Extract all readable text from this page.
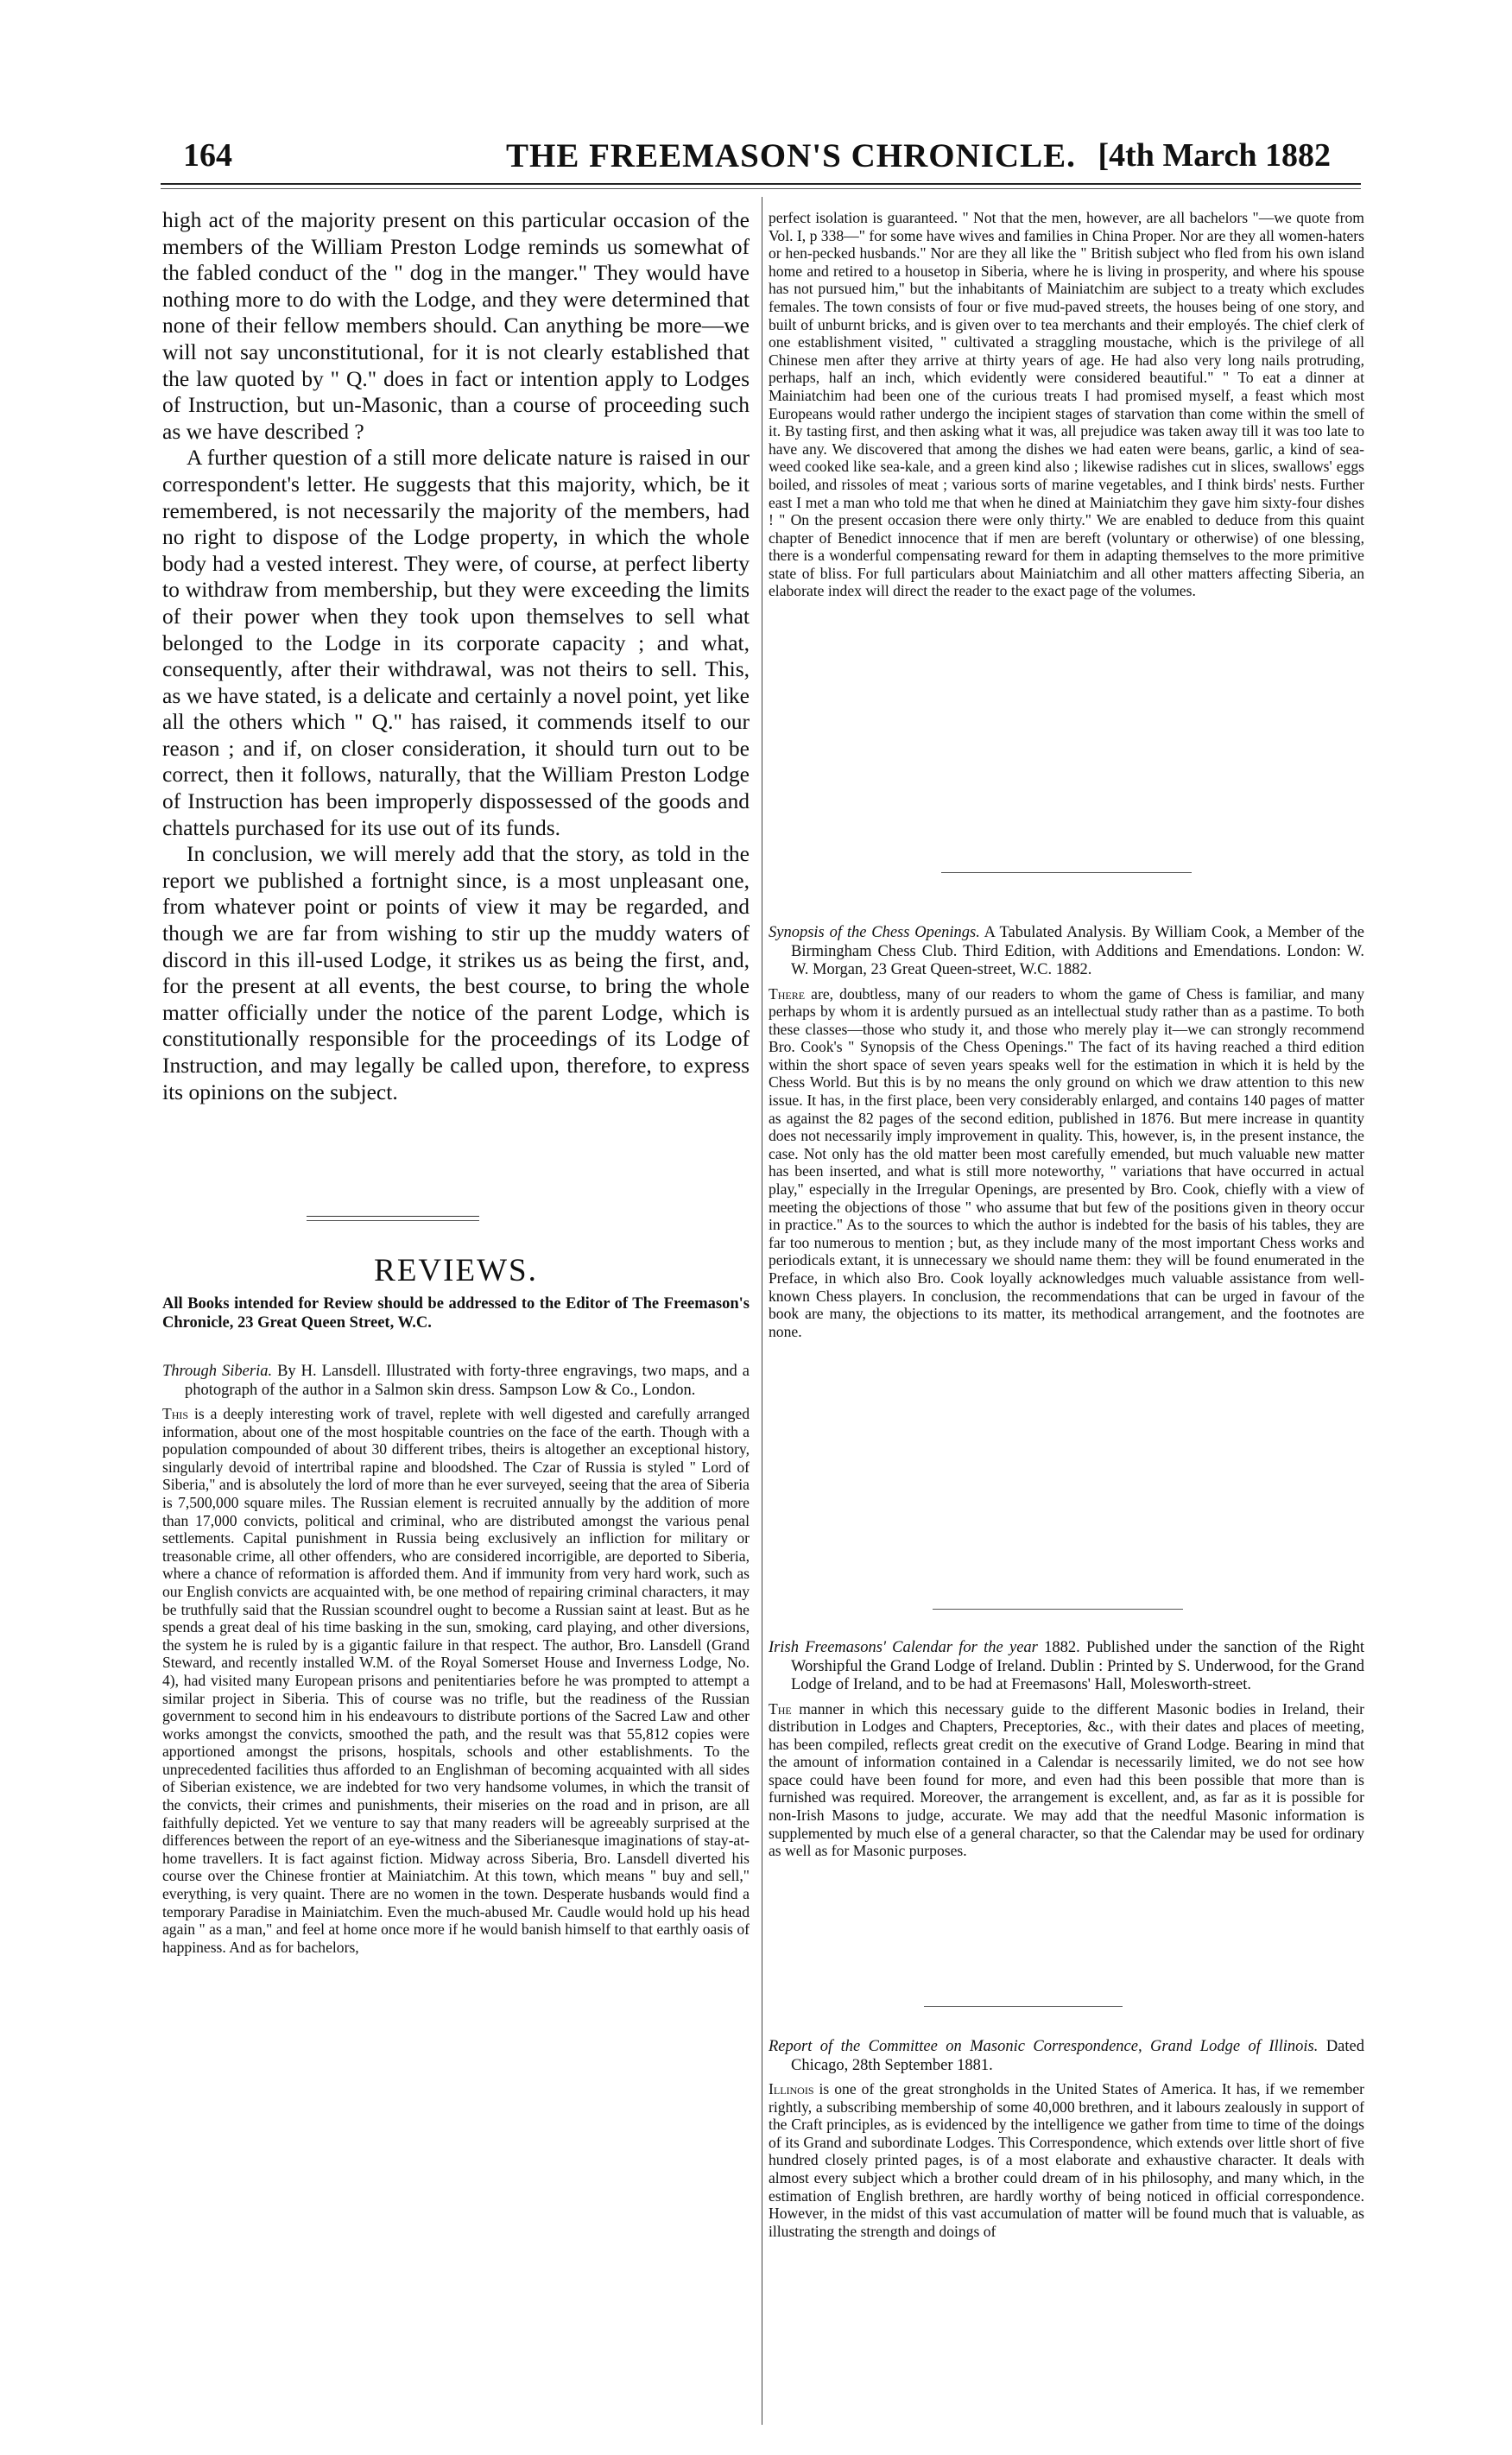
164	THE FREEMASON'S CHRONICLE. [4th March 1882

high act of the majority present on this particular occasion of the members of the William Preston Lodge reminds us somewhat of the fabled conduct of the " dog in the manger." They would have nothing more to do with the Lodge, and they were determined that none of their fellow members should. Can anything be more—we will not say unconstitutional, for it is not clearly established that the law quoted by " Q." does in fact or intention apply to Lodges of Instruction, but un-Masonic, than a course of proceeding such as we have described ?

A further question of a still more delicate nature is raised in our correspondent's letter. He suggests that this majority, which, be it remembered, is not necessarily the majority of the members, had no right to dispose of the Lodge property, in which the whole body had a vested interest. They were, of course, at perfect liberty to withdraw from membership, but they were exceeding the limits of their power when they took upon themselves to sell what belonged to the Lodge in its corporate capacity ; and what, consequently, after their withdrawal, was not theirs to sell. This, as we have stated, is a delicate and certainly a novel point, yet like all the others which " Q." has raised, it commends itself to our reason ; and if, on closer consideration, it should turn out to be correct, then it follows, naturally, that the William Preston Lodge of Instruction has been improperly dispossessed of the goods and chattels purchased for its use out of its funds.

In conclusion, we will merely add that the story, as told in the report we published a fortnight since, is a most unpleasant one, from whatever point or points of view it may be regarded, and though we are far from wishing to stir up the muddy waters of discord in this ill-used Lodge, it strikes us as being the first, and, for the present at all events, the best course, to bring the whole matter officially under the notice of the parent Lodge, which is constitutionally responsible for the proceedings of its Lodge of Instruction, and may legally be called upon, therefore, to express its opinions on the subject.

REVIEWS.
All Books intended for Review should be addressed to the Editor of The Freemason's Chronicle, 23 Great Queen Street, W.C.

Through Siberia. By H. Lansdell. Illustrated with forty-three engravings, two maps, and a photograph of the author in a Salmon skin dress. Sampson Low & Co., London.

This is a deeply interesting work of travel, replete with well digested and carefully arranged information, about one of the most hospitable countries on the face of the earth. Though with a population compounded of about 30 different tribes, theirs is altogether an exceptional history, singularly devoid of intertribal rapine and bloodshed. The Czar of Russia is styled " Lord of Siberia," and is absolutely the lord of more than he ever surveyed, seeing that the area of Siberia is 7,500,000 square miles. The Russian element is recruited annually by the addition of more than 17,000 convicts, political and criminal, who are distributed amongst the various penal settlements. Capital punishment in Russia being exclusively an infliction for military or treasonable crime, all other offenders, who are considered incorrigible, are deported to Siberia, where a chance of reformation is afforded them. And if immunity from very hard work, such as our English convicts are acquainted with, be one method of repairing criminal characters, it may be truthfully said that the Russian scoundrel ought to become a Russian saint at least. But as he spends a great deal of his time basking in the sun, smoking, card playing, and other diversions, the system he is ruled by is a gigantic failure in that respect. The author, Bro. Lansdell (Grand Steward, and recently installed W.M. of the Royal Somerset House and Inverness Lodge, No. 4), had visited many European prisons and penitentiaries before he was prompted to attempt a similar project in Siberia. This of course was no trifle, but the readiness of the Russian government to second him in his endeavours to distribute portions of the Sacred Law and other works amongst the convicts, smoothed the path, and the result was that 55,812 copies were apportioned amongst the prisons, hospitals, schools and other establishments. To the unprecedented facilities thus afforded to an Englishman of becoming acquainted with all sides of Siberian existence, we are indebted for two very handsome volumes, in which the transit of the convicts, their crimes and punishments, their miseries on the road and in prison, are all faithfully depicted. Yet we venture to say that many readers will be agreeably surprised at the differences between the report of an eye-witness and the Siberianesque imaginations of stay-at-home travellers. It is fact against fiction. Midway across Siberia, Bro. Lansdell diverted his course over the Chinese frontier at Mainiatchim. At this town, which means " buy and sell," everything, is very quaint. There are no women in the town. Desperate husbands would find a temporary Paradise in Mainiatchim. Even the much-abused Mr. Caudle would hold up his head again " as a man," and feel at home once more if he would banish himself to that earthly oasis of happiness. And as for bachelors,

perfect isolation is guaranteed. " Not that the men, however, are all bachelors "—we quote from Vol. I, p 338—" for some have wives and families in China Proper. Nor are they all women-haters or hen-pecked husbands." Nor are they all like the " British subject who fled from his own island home and retired to a housetop in Siberia, where he is living in prosperity, and where his spouse has not pursued him," but the inhabitants of Mainiatchim are subject to a treaty which excludes females. The town consists of four or five mud-paved streets, the houses being of one story, and built of unburnt bricks, and is given over to tea merchants and their employés. The chief clerk of one establishment visited, " cultivated a straggling moustache, which is the privilege of all Chinese men after they arrive at thirty years of age. He had also very long nails protruding, perhaps, half an inch, which evidently were considered beautiful." " To eat a dinner at Mainiatchim had been one of the curious treats I had promised myself, a feast which most Europeans would rather undergo the incipient stages of starvation than come within the smell of it. By tasting first, and then asking what it was, all prejudice was taken away till it was too late to have any. We discovered that among the dishes we had eaten were beans, garlic, a kind of sea-weed cooked like sea-kale, and a green kind also ; likewise radishes cut in slices, swallows' eggs boiled, and rissoles of meat ; various sorts of marine vegetables, and I think birds' nests. Further east I met a man who told me that when he dined at Mainiatchim they gave him sixty-four dishes ! " On the present occasion there were only thirty." We are enabled to deduce from this quaint chapter of Benedict innocence that if men are bereft (voluntary or otherwise) of one blessing, there is a wonderful compensating reward for them in adapting themselves to the more primitive state of bliss. For full particulars about Mainiatchim and all other matters affecting Siberia, an elaborate index will direct the reader to the exact page of the volumes.

Synopsis of the Chess Openings. A Tabulated Analysis. By William Cook, a Member of the Birmingham Chess Club. Third Edition, with Additions and Emendations. London: W. W. Morgan, 23 Great Queen-street, W.C. 1882.

There are, doubtless, many of our readers to whom the game of Chess is familiar, and many perhaps by whom it is ardently pursued as an intellectual study rather than as a pastime. To both these classes—those who study it, and those who merely play it—we can strongly recommend Bro. Cook's " Synopsis of the Chess Openings." The fact of its having reached a third edition within the short space of seven years speaks well for the estimation in which it is held by the Chess World. But this is by no means the only ground on which we draw attention to this new issue. It has, in the first place, been very considerably enlarged, and contains 140 pages of matter as against the 82 pages of the second edition, published in 1876. But mere increase in quantity does not necessarily imply improvement in quality. This, however, is, in the present instance, the case. Not only has the old matter been most carefully emended, but much valuable new matter has been inserted, and what is still more noteworthy, " variations that have occurred in actual play," especially in the Irregular Openings, are presented by Bro. Cook, chiefly with a view of meeting the objections of those " who assume that but few of the positions given in theory occur in practice." As to the sources to which the author is indebted for the basis of his tables, they are far too numerous to mention ; but, as they include many of the most important Chess works and periodicals extant, it is unnecessary we should name them: they will be found enumerated in the Preface, in which also Bro. Cook loyally acknowledges much valuable assistance from well-known Chess players. In conclusion, the recommendations that can be urged in favour of the book are many, the objections to its matter, its methodical arrangement, and the footnotes are none.

Irish Freemasons' Calendar for the year 1882. Published under the sanction of the Right Worshipful the Grand Lodge of Ireland. Dublin : Printed by S. Underwood, for the Grand Lodge of Ireland, and to be had at Freemasons' Hall, Molesworth-street.

The manner in which this necessary guide to the different Masonic bodies in Ireland, their distribution in Lodges and Chapters, Preceptories, &c., with their dates and places of meeting, has been compiled, reflects great credit on the executive of Grand Lodge. Bearing in mind that the amount of information contained in a Calendar is necessarily limited, we do not see how space could have been found for more, and even had this been possible that more than is furnished was required. Moreover, the arrangement is excellent, and, as far as it is possible for non-Irish Masons to judge, accurate. We may add that the needful Masonic information is supplemented by much else of a general character, so that the Calendar may be used for ordinary as well as for Masonic purposes.

Report of the Committee on Masonic Correspondence, Grand Lodge of Illinois. Dated Chicago, 28th September 1881.

Illinois is one of the great strongholds in the United States of America. It has, if we remember rightly, a subscribing membership of some 40,000 brethren, and it labours zealously in support of the Craft principles, as is evidenced by the intelligence we gather from time to time of the doings of its Grand and subordinate Lodges. This Correspondence, which extends over little short of five hundred closely printed pages, is of a most elaborate and exhaustive character. It deals with almost every subject which a brother could dream of in his philosophy, and many which, in the estimation of English brethren, are hardly worthy of being noticed in official correspondence. However, in the midst of this vast accumulation of matter will be found much that is valuable, as illustrating the strength and doings of
